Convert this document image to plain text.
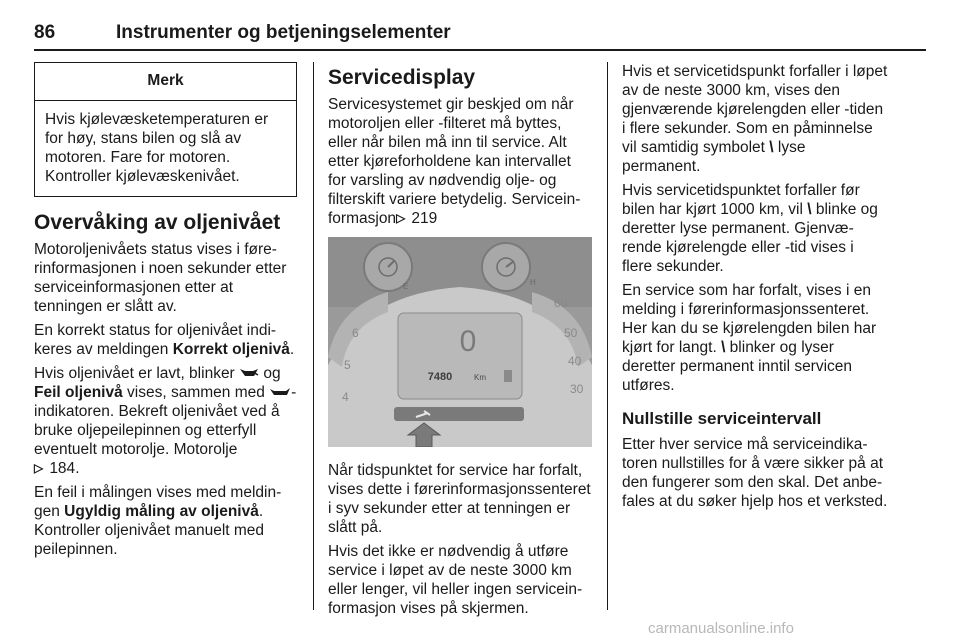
86	Instrumenter og betjeningselementer
Merk
Hvis kjølevæsketemperaturen er for høy, stans bilen og slå av motoren. Fare for motoren. Kontroller kjølevæskenivået.
Overvåking av oljenivået

Motoroljenivåets status vises i førerinformasjonen i noen sekunder etter serviceinformasjonen etter at tenningen er slått av.

En korrekt status for oljenivået indikeres av meldingen Korrekt oljenivå.

Hvis oljenivået er lavt, blinker  og Feil oljenivå vises, sammen med -indikatoren. Bekreft oljenivået ved å bruke oljepeilepinnen og etterfyll eventuelt motorolje. Motorolje
▷ 184.

En feil i målingen vises med meldingen Ugyldig måling av oljenivå. Kontroller oljenivået manuelt med peilepinnen.

Servicedisplay

Servicesystemet gir beskjed om når motoroljen eller -filteret må byttes, eller når bilen må inn til service. Alt etter kjøreforholdene kan intervallet for varsling av nødvendig olje- og filterskift variere betydelig. Serviceinformasjon▷ 219

E	H
6
5
4
60
50
40
30
0
7480	Km

Når tidspunktet for service har forfalt, vises dette i førerinformasjonssenteret i syv sekunder etter at tenningen er slått på.

Hvis det ikke er nødvendig å utføre service i løpet av de neste 3000 km eller lenger, vil heller ingen serviceinformasjon vises på skjermen.

Hvis et servicetidspunkt forfaller i løpet av de neste 3000 km, vises den gjenværende kjørelengden eller -tiden i flere sekunder. Som en påminnelse vil samtidig symbolet \ lyse permanent.

Hvis servicetidspunktet forfaller før bilen har kjørt 1000 km, vil \ blinke og deretter lyse permanent. Gjenværende kjørelengde eller -tid vises i flere sekunder.

En service som har forfalt, vises i en melding i førerinformasjonssenteret. Her kan du se kjørelengden bilen har kjørt for langt. \ blinker og lyser deretter permanent inntil servicen utføres.

Nullstille serviceintervall

Etter hver service må serviceindikatoren nullstilles for å være sikker på at den fungerer som den skal. Det anbefales at du søker hjelp hos et verksted.

carmanualsonline.info
